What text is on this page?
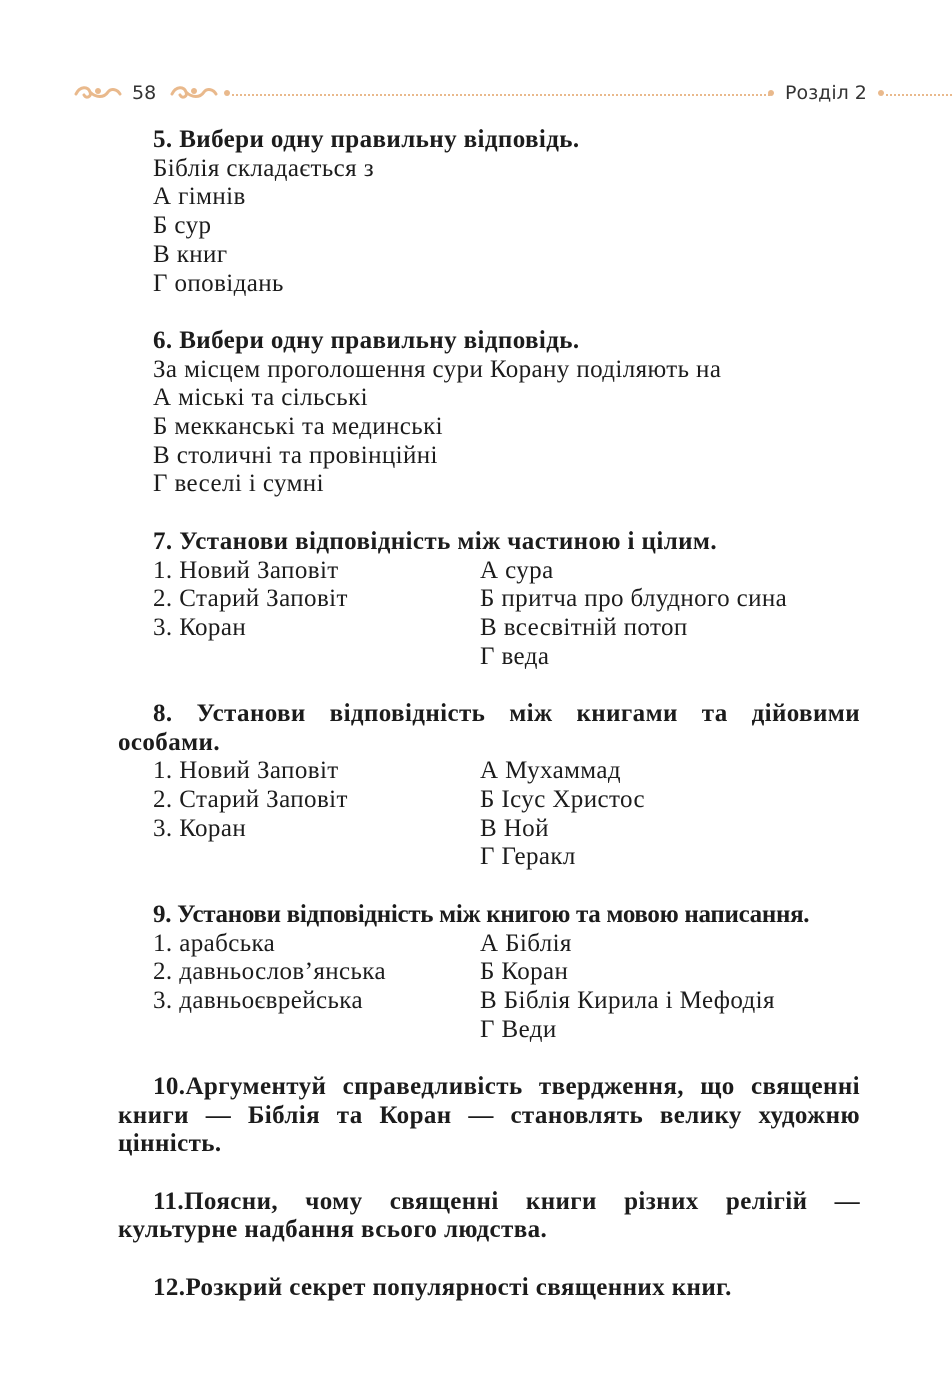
58	Розділ 2
5. Вибери одну правильну відповідь.
Біблія складається з
А гімнів
Б сур
В книг
Г оповідань
6. Вибери одну правильну відповідь.
За місцем проголошення сури Корану поділяють на
А міські та сільські
Б мекканські та мединські
В столичні та провінційні
Г веселі і сумні
7. Установи відповідність між частиною і цілим.
1. Новий Заповіт
2. Старий Заповіт
3. Коран
А сура
Б притча про блудного сина
В всесвітній потоп
Г веда
8. Установи відповідність між книгами та дійовими особами.
1. Новий Заповіт
2. Старий Заповіт
3. Коран
А Мухаммад
Б Ісус Христос
В Ной
Г Геракл
9. Установи відповідність між книгою та мовою написання.
1. арабська
2. давньослов’янська
3. давньоєврейська
А Біблія
Б Коран
В Біблія Кирила і Мефодія
Г Веди
10.Аргументуй справедливість твердження, що священні книги — Біблія та Коран — становлять велику художню цінність.
11.Поясни, чому священні книги різних релігій — культурне надбання всього людства.
12.Розкрий секрет популярності священних книг.
